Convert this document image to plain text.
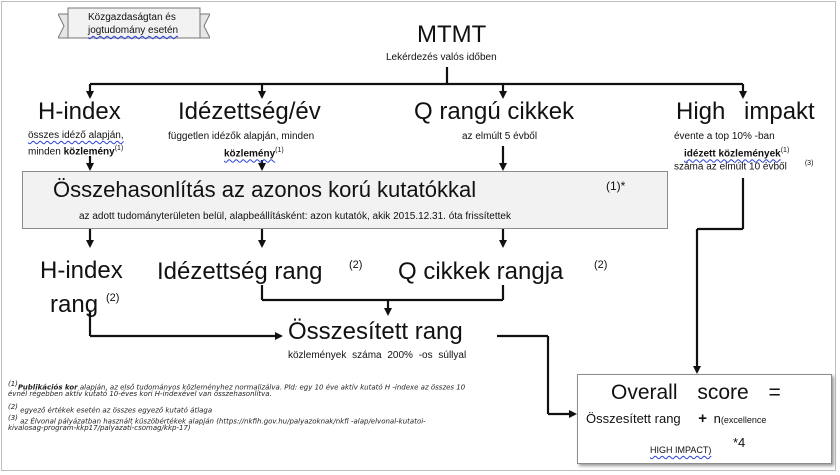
Közgazdaságtan és
jogtudomány esetén	MTMT
Lekérdezés valós időben
H-index
összes idéző alapján,
minden közlemény$^{(1)}$
Idézettség/év
független idézők alapján, minden
közlemény$^{(1)}$
Q rangú cikkek
az elmúlt 5 évből
High impakt
évente a top 10% -ban
idézett közlemények$^{(1)}$
száma az elmúlt 10 évből	$^{(3)}$
Összehasonlítás az azonos korú kutatókkal	(1)*
az adott tudományterületen belül, alapbeállításként: azon kutatók, akik 2015.12.31. óta frissítettek
H-index
rang (2)
Idézettség rang (2) Q cikkek rangja	(2)
Összesített rang
közlemények száma 200% -os súllyal
Overall score =
Összesített rang + n(excellence
HIGH IMPACT) *4
(1)Publikációs kor alapján, az első tudományos közleményhez normalizálva. Pld: egy 10 éve aktív kutató H -indexe az összes 10
évnél régebben aktív kutató 10-éves kori H-indexével van összehasonlítva.
(2) egyező értékek esetén az összes egyező kutató átlaga
(3) az Élvonal pályázatban használt küszöbértékek alapján (https://nkfih.gov.hu/palyazoknak/nkfi -alap/elvonal-kutatoi-
kivalosag-program-kkp17/palyazati-csomag/kkp-17)
